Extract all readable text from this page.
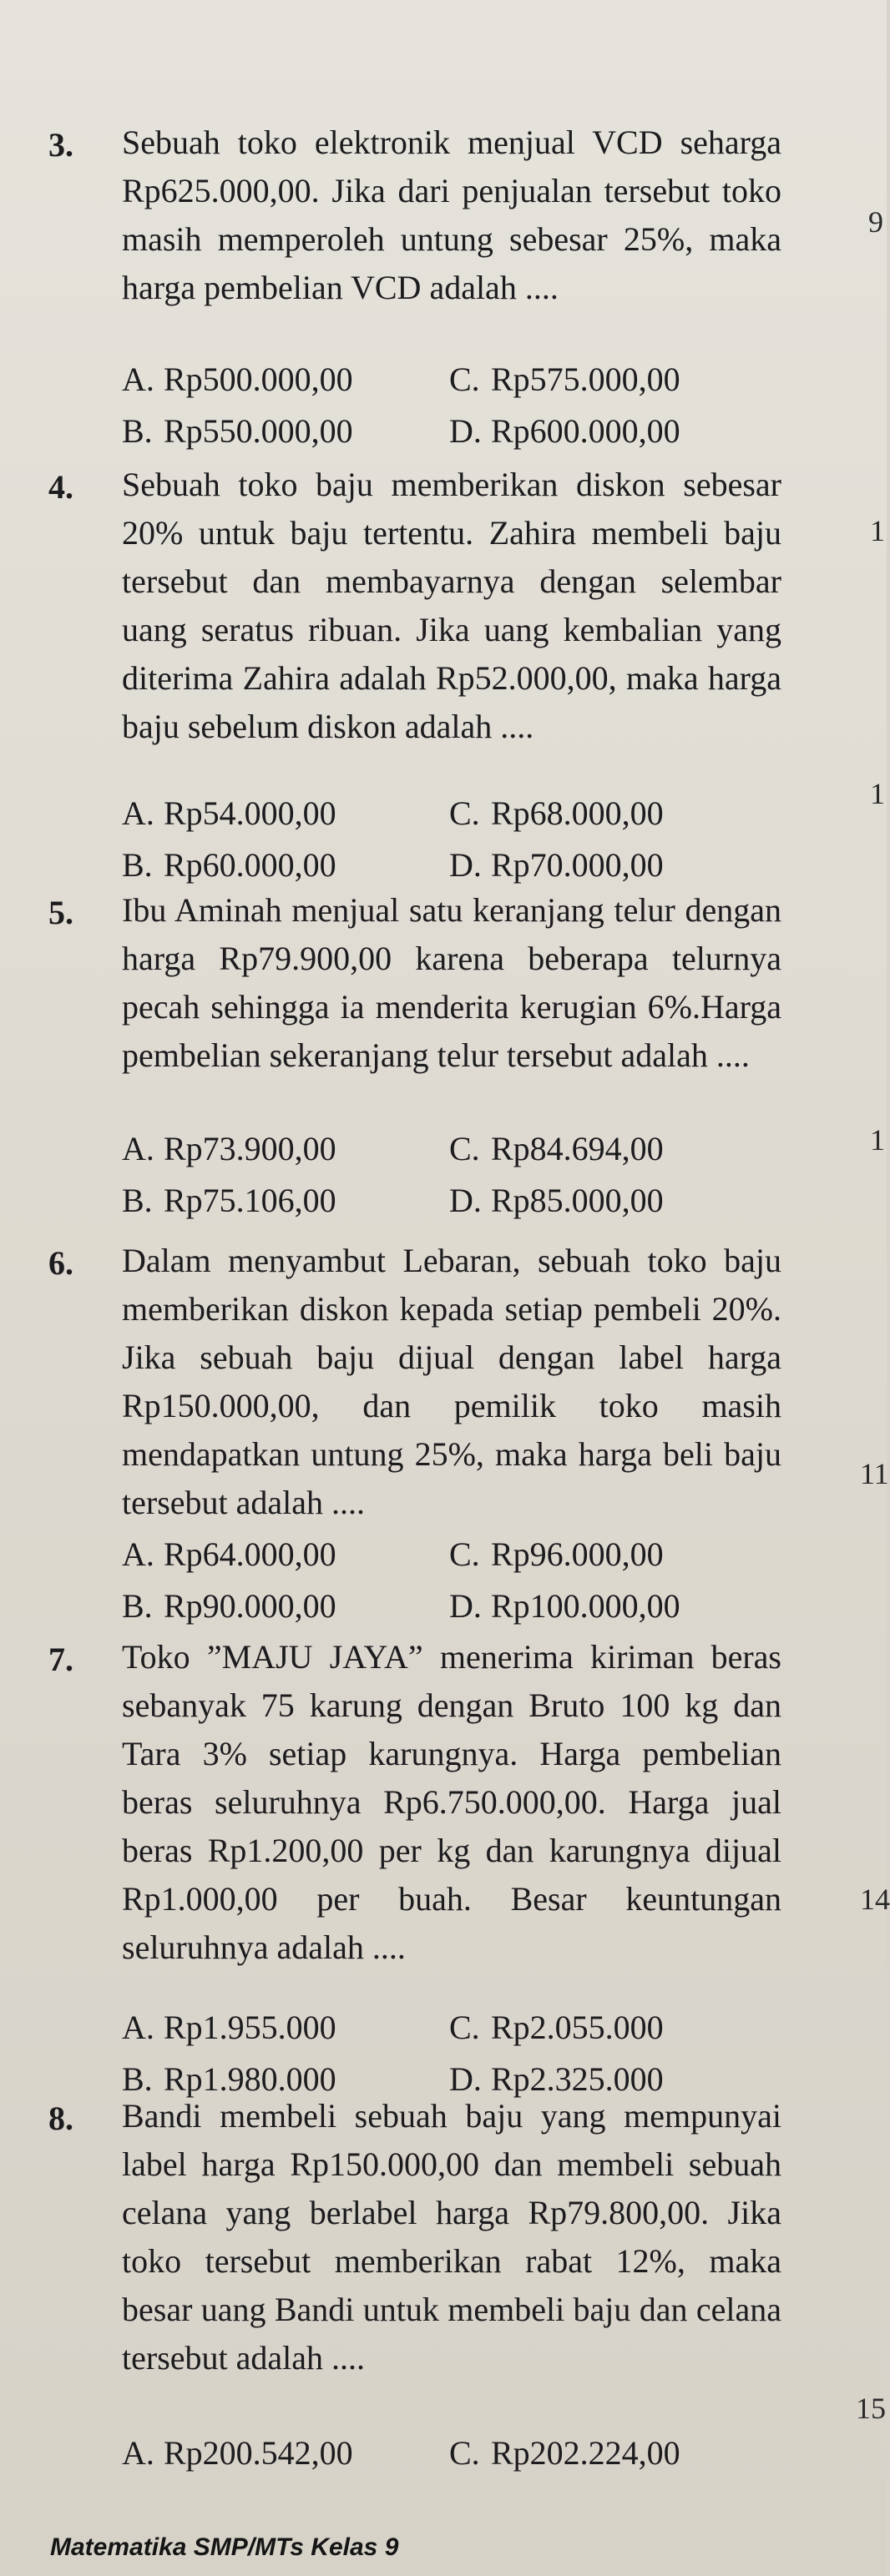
3. Sebuah toko elektronik menjual VCD seharga Rp625.000,00. Jika dari penjualan tersebut toko masih memperoleh untung sebesar 25%, maka harga pembelian VCD adalah ....
A. Rp500.000,00	C. Rp575.000,00
B. Rp550.000,00	D. Rp600.000,00
4. Sebuah toko baju memberikan diskon sebesar 20% untuk baju tertentu. Zahira membeli baju tersebut dan membayarnya dengan selembar uang seratus ribuan. Jika uang kembalian yang diterima Zahira adalah Rp52.000,00, maka harga baju sebelum diskon adalah ....
A. Rp54.000,00	C. Rp68.000,00
B. Rp60.000,00	D. Rp70.000,00
5. Ibu Aminah menjual satu keranjang telur dengan harga Rp79.900,00 karena beberapa telurnya pecah sehingga ia menderita kerugian 6%.Harga pembelian sekeranjang telur tersebut adalah ....
A. Rp73.900,00	C. Rp84.694,00
B. Rp75.106,00	D. Rp85.000,00
6. Dalam menyambut Lebaran, sebuah toko baju memberikan diskon kepada setiap pembeli 20%. Jika sebuah baju dijual dengan label harga Rp150.000,00, dan pemilik toko masih mendapatkan untung 25%, maka harga beli baju tersebut adalah ....
A. Rp64.000,00	C. Rp96.000,00
B. Rp90.000,00	D. Rp100.000,00
7. Toko ”MAJU JAYA” menerima kiriman beras sebanyak 75 karung dengan Bruto 100 kg dan Tara 3% setiap karungnya. Harga pembelian beras seluruhnya Rp6.750.000,00. Harga jual beras Rp1.200,00 per kg dan karungnya dijual Rp1.000,00 per buah. Besar keuntungan seluruhnya adalah ....
A. Rp1.955.000	C. Rp2.055.000
B. Rp1.980.000	D. Rp2.325.000
8. Bandi membeli sebuah baju yang mempunyai label harga Rp150.000,00 dan membeli sebuah celana yang berlabel harga Rp79.800,00. Jika toko tersebut memberikan rabat 12%, maka besar uang Bandi untuk membeli baju dan celana tersebut adalah ....
A. Rp200.542,00	C. Rp202.224,00
9
1
1
1
11
14
15
Matematika SMP/MTs Kelas 9
